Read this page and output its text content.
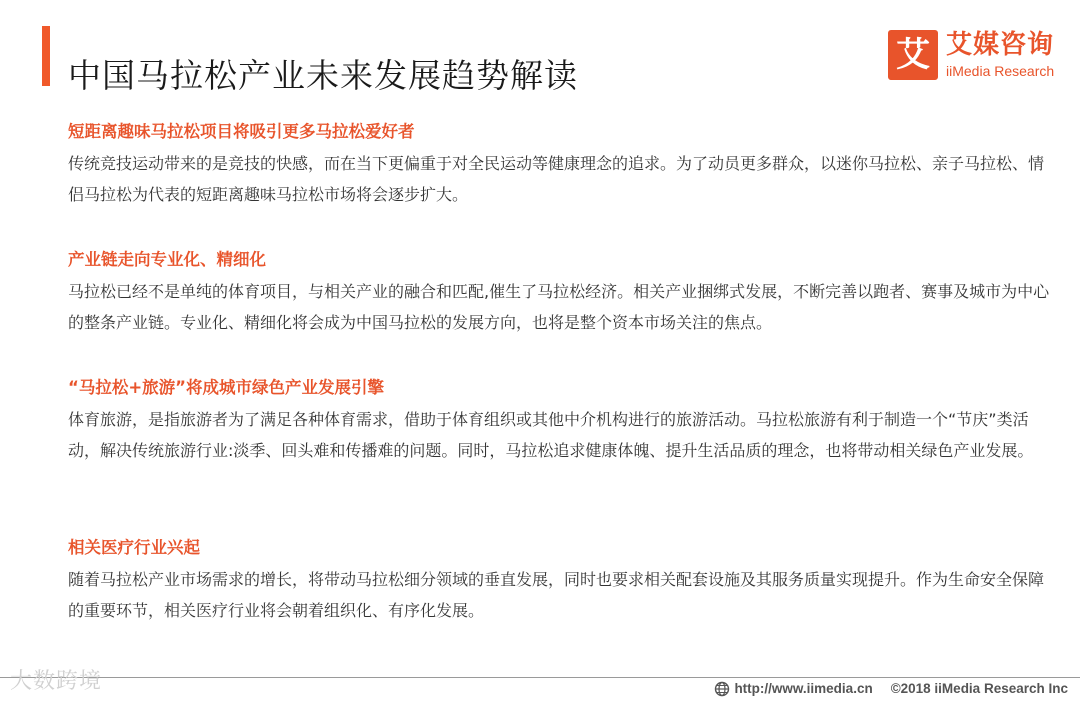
中国马拉松产业未来发展趋势解读
艾 艾媒咨询
iiMedia Research
短距离趣味马拉松项目将吸引更多马拉松爱好者

传统竞技运动带来的是竞技的快感，而在当下更偏重于对全民运动等健康理念的追求。为了动员更多群众，以迷你马拉松、亲子马拉松、情侣马拉松为代表的短距离趣味马拉松市场将会逐步扩大。

产业链走向专业化、精细化

马拉松已经不是单纯的体育项目，与相关产业的融合和匹配,催生了马拉松经济。相关产业捆绑式发展，不断完善以跑者、赛事及城市为中心的整条产业链。专业化、精细化将会成为中国马拉松的发展方向，也将是整个资本市场关注的焦点。

“马拉松+旅游”将成城市绿色产业发展引擎

体育旅游，是指旅游者为了满足各种体育需求，借助于体育组织或其他中介机构进行的旅游活动。马拉松旅游有利于制造一个“节庆”类活动，解决传统旅游行业:淡季、回头难和传播难的问题。同时，马拉松追求健康体魄、提升生活品质的理念，也将带动相关绿色产业发展。

相关医疗行业兴起

随着马拉松产业市场需求的增长，将带动马拉松细分领域的垂直发展，同时也要求相关配套设施及其服务质量实现提升。作为生命安全保障的重要环节，相关医疗行业将会朝着组织化、有序化发展。

大数跨境	http://www.iimedia.cn ©2018 iiMedia Research Inc
